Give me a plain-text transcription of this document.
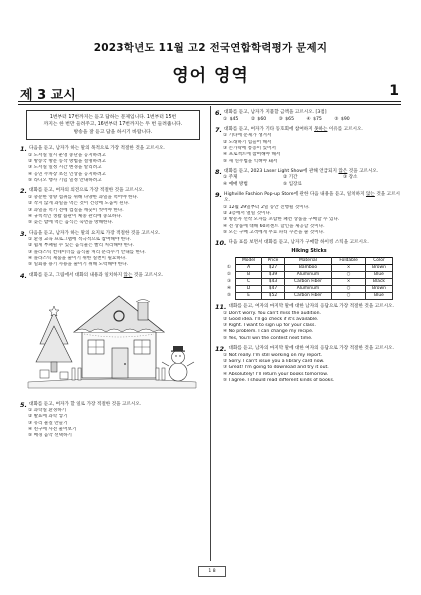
2023학년도 11월 고2 전국연합학력평가 문제지
영어 영역
제 3 교시	1
1번부터 17번까지는 듣고 답하는 문제입니다. 1번부터 15번
까지는 한 번만 들려주고, 16번부터 17번까지는 두 번 들려줍니다.
방송을 잘 듣고 답을 하시기 바랍니다.
1. 다음을 듣고, 남자가 하는 말의 목적으로 가장 적절한 것을 고르시오.
① 도서실 일시 운영 중단을 공지하려고
② 방송국 방문 동작 방법을 설명하려고
③ 도서실 일정 시간 변경을 알리려고
④ 공연 주차장 초신 인상을 공지하려고
⑤ 라디오 행사 기념 일정 안내하려고
2. 대화를 듣고, 여자의 의견으로 가장 적절한 것을 고르시오.
① 충분한 영양 섭취를 위해 다양한 과일을 먹어야 한다.
② 작지 않게 과일을 먹는 것이 건강에 도움이 된다.
③ 과일을 먹기 전에 껍질을 깨끗이 씻어야 한다.
④ 규칙적인 생활 습관이 체중 관리에 중요하다.
⑤ 늦은 밤에 먹는 음식은 숙면을 방해한다.
3. 다음을 듣고, 남자가 하는 말의 요지로 가장 적절한 것을 고르시오.
① 환경 교육 프로그램에 적극적으로 참여해야 한다.
② 쉽게 부패될 수 있는 음식물은 빨리 처리해야 한다.
③ 플라스틱 컨테이너를 음식물 처리 분리수거 안내를 한다.
④ 플라스틱 제품을 줄이기 위한 실천이 필요하다.
⑤ 일회용 용기 사용을 줄이기 위해 노력해야 한다.
4. 대화를 듣고, 그림에서 대화의 내용과 일치하지 않는 것을 고르시오.
5. 대화를 듣고, 여자가 할 일로 가장 적절한 것을 고르시오.
① 과학실 환경하기
② 발표에 과학 넣기
③ 유리 물질 만들기
④ 친구에 사전 물어보기
⑤ 배경 음악 선택하기
6. 대화를 듣고, 남자가 지불할 금액을 고르시오. [3점]
① $45	② $60	③ $65	④ $75	⑤ $90
7. 대화를 듣고, 여자가 기타 동호회에 참여하지 못하는 이유를 고르시오.
① 기타에 문제가 생겨서
② 노래하기 힘들어 해서
③ 손가락에 통증이 있어서
④ 프로젝트에 참여해야 해서
⑤ 새 연주법을 익혀야 돼서
8. 대화를 듣고, 2023 Laser Light Show에 관해 언급되지 않은 것을 고르시오.
① 주제	② 기간	③ 장소
④ 예매 방법	⑤ 입장료
9. Highville Fashion Pop-up Store에 관한 다음 내용을 듣고, 일치하지 않는 것을 고르시오.
① 12월 29일부터 2일 동안 진행될 것이다.
② 3층에서 열릴 것이다.
③ 방문자 선착 모자를 포함한 패션 상품을 구매할 수 있다.
④ 전 상품에 대해 60퍼센트 할인을 제공할 것이다.
⑤ 모든 구매 고객에게 무료 파티 쿠폰을 줄 것이다.
10. 다음 표를 보면서 대화를 듣고, 남자가 구매할 하이킹 스틱을 고르시오.
Hiking Sticks
	Model	Price	Material	Foldable	Color
①	A	$27	Bamboo	×	Brown
②	B	$39	Aluminum	○	Blue
③	C	$43	Carbon Fiber	×	Black
④	D	$47	Aluminum	○	Brown
⑤	E	$52	Carbon Fiber	○	Blue
11. 대화를 듣고, 여자의 마지막 말에 대한 남자의 응답으로 가장 적절한 것을 고르시오.
① Don't worry. You can't miss the audition.
② Good idea. I'll go check if it's available.
③ Right. I want to sign up for your class.
④ No problem. I can change my recipe.
⑤ Yes, You'll win the contest next time.
12. 대화를 듣고, 남자의 마지막 말에 대한 여자의 응답으로 가장 적절한 것을 고르시오.
① Not really. I'm still working on my report.
② Sorry. I can't issue you a library card now.
③ Great! I'm going to download and try it out.
④ Absolutely! I'll return your books tomorrow.
⑤ I agree. I should read different kinds of books.
1 8
